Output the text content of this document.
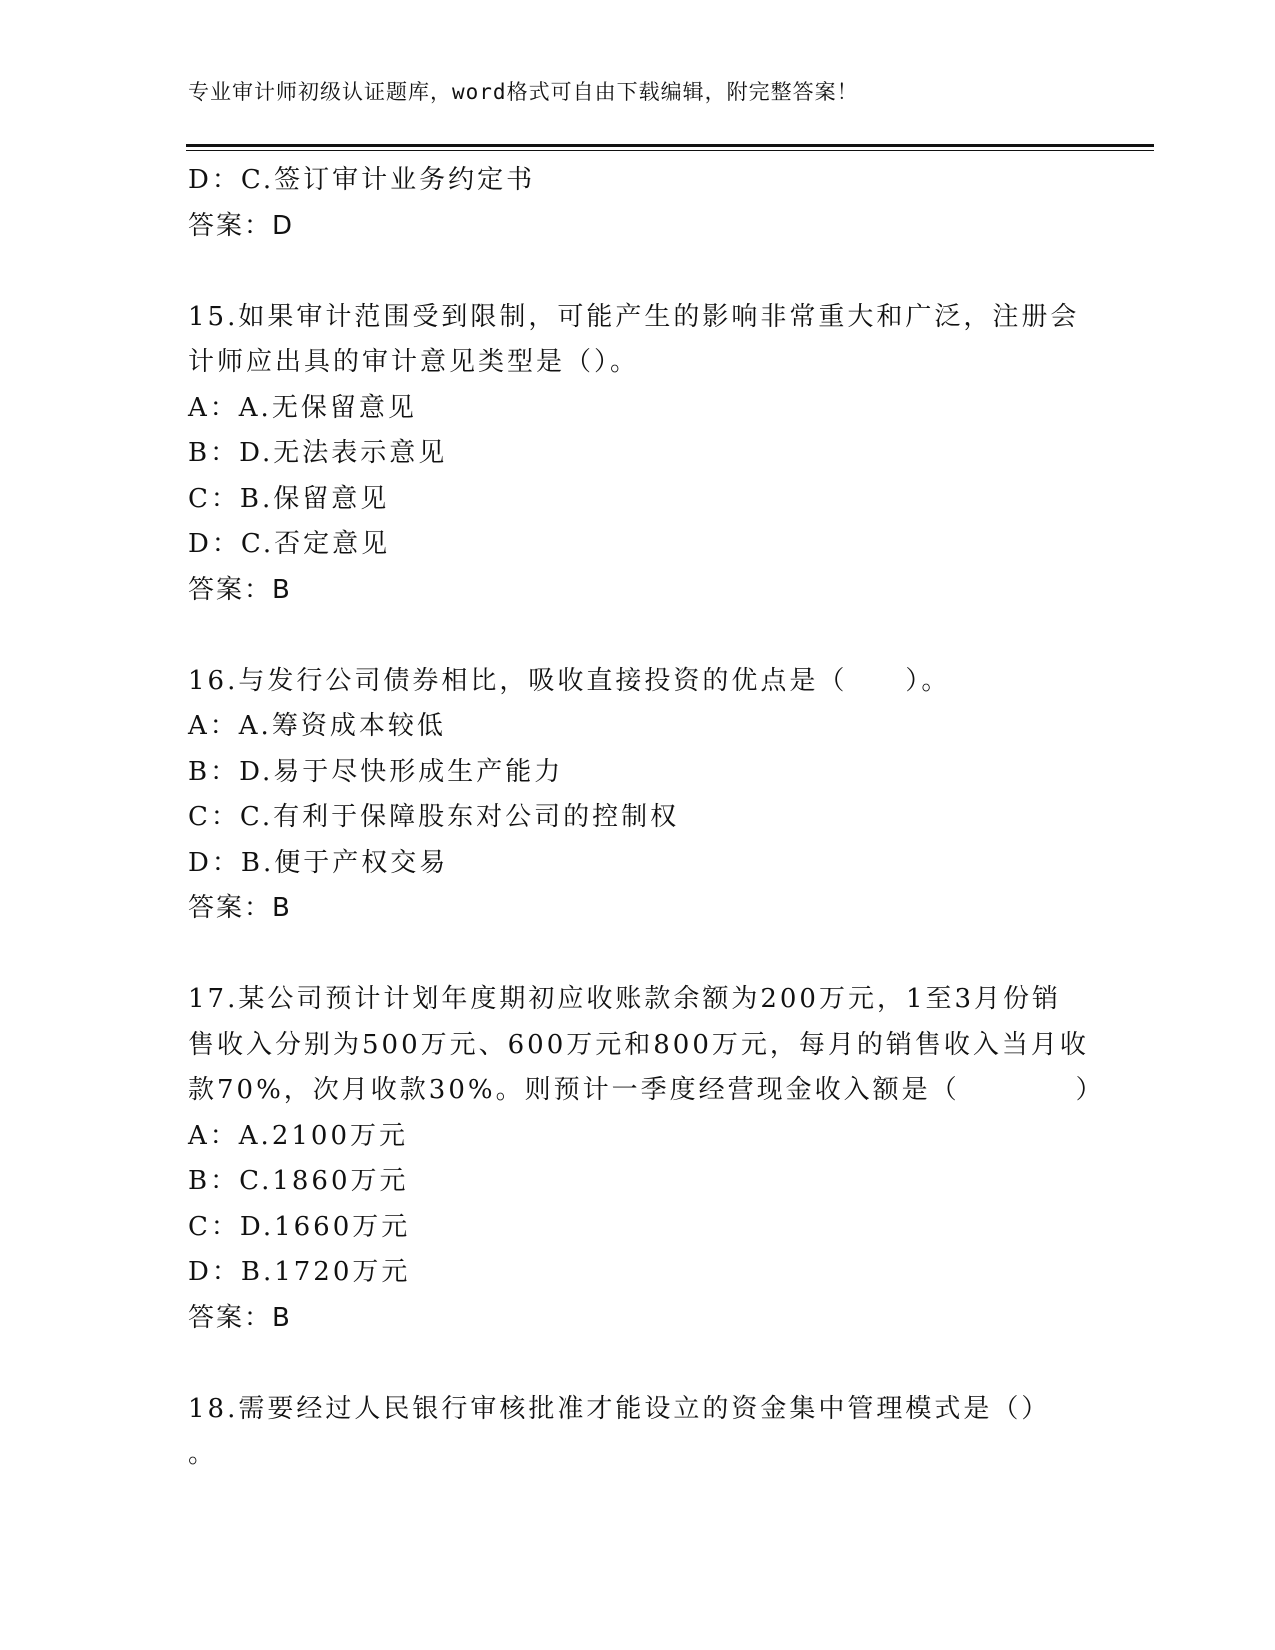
专业审计师初级认证题库，word格式可自由下载编辑，附完整答案！
D：C.签订审计业务约定书
答案：D
15.如果审计范围受到限制，可能产生的影响非常重大和广泛，注册会
计师应出具的审计意见类型是（）。
A：A.无保留意见
B：D.无法表示意见
C：B.保留意见
D：C.否定意见
答案：B
16.与发行公司债券相比，吸收直接投资的优点是（　　）。
A：A.筹资成本较低
B：D.易于尽快形成生产能力
C：C.有利于保障股东对公司的控制权
D：B.便于产权交易
答案：B
17.某公司预计计划年度期初应收账款余额为200万元，1至3月份销
售收入分别为500万元、600万元和800万元，每月的销售收入当月收
款70%，次月收款30%。则预计一季度经营现金收入额是（　　　　）
A：A.2100万元
B：C.1860万元
C：D.1660万元
D：B.1720万元
答案：B
18.需要经过人民银行审核批准才能设立的资金集中管理模式是（）
。
